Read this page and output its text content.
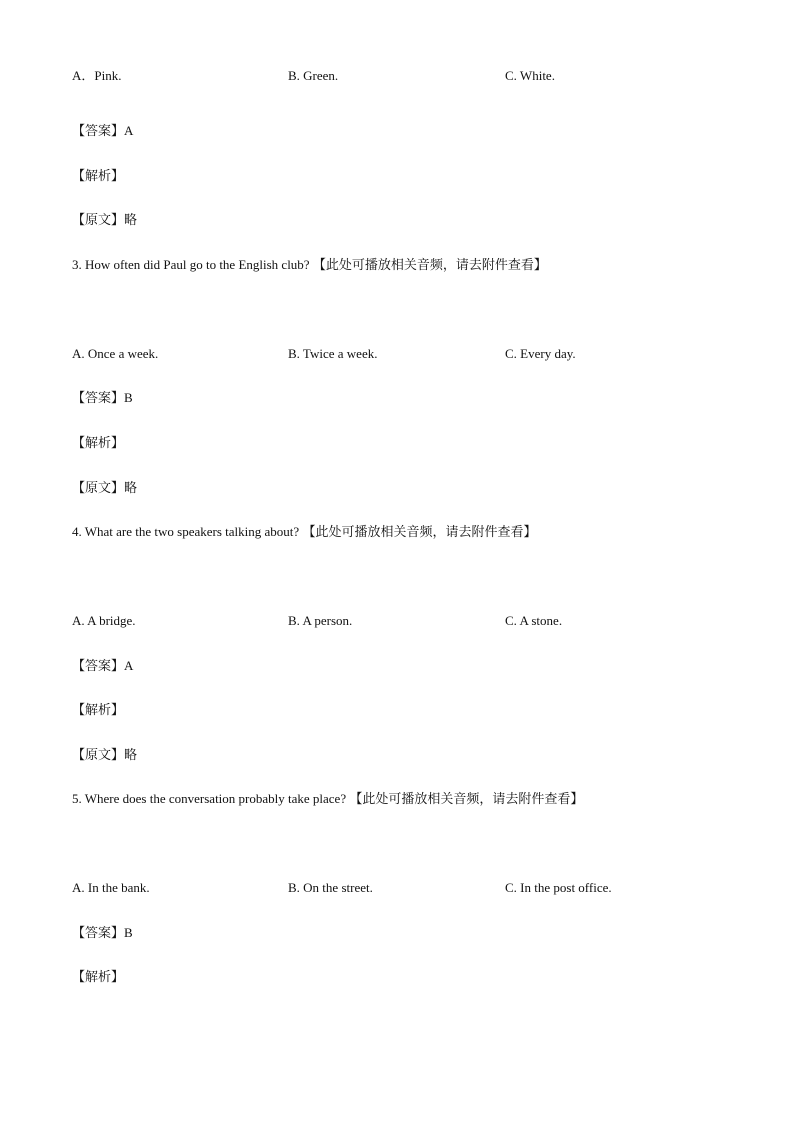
A．Pink.	B. Green.	C. White.
【答案】A
【解析】
【原文】略
3. How often did Paul go to the English club? 【此处可播放相关音频，请去附件查看】
A. Once a week.	B. Twice a week.	C. Every day.
【答案】B
【解析】
【原文】略
4. What are the two speakers talking about? 【此处可播放相关音频，请去附件查看】
A. A bridge.	B. A person.	C. A stone.
【答案】A
【解析】
【原文】略
5. Where does the conversation probably take place? 【此处可播放相关音频，请去附件查看】
A. In the bank.	B. On the street.	C. In the post office.
【答案】B
【解析】
